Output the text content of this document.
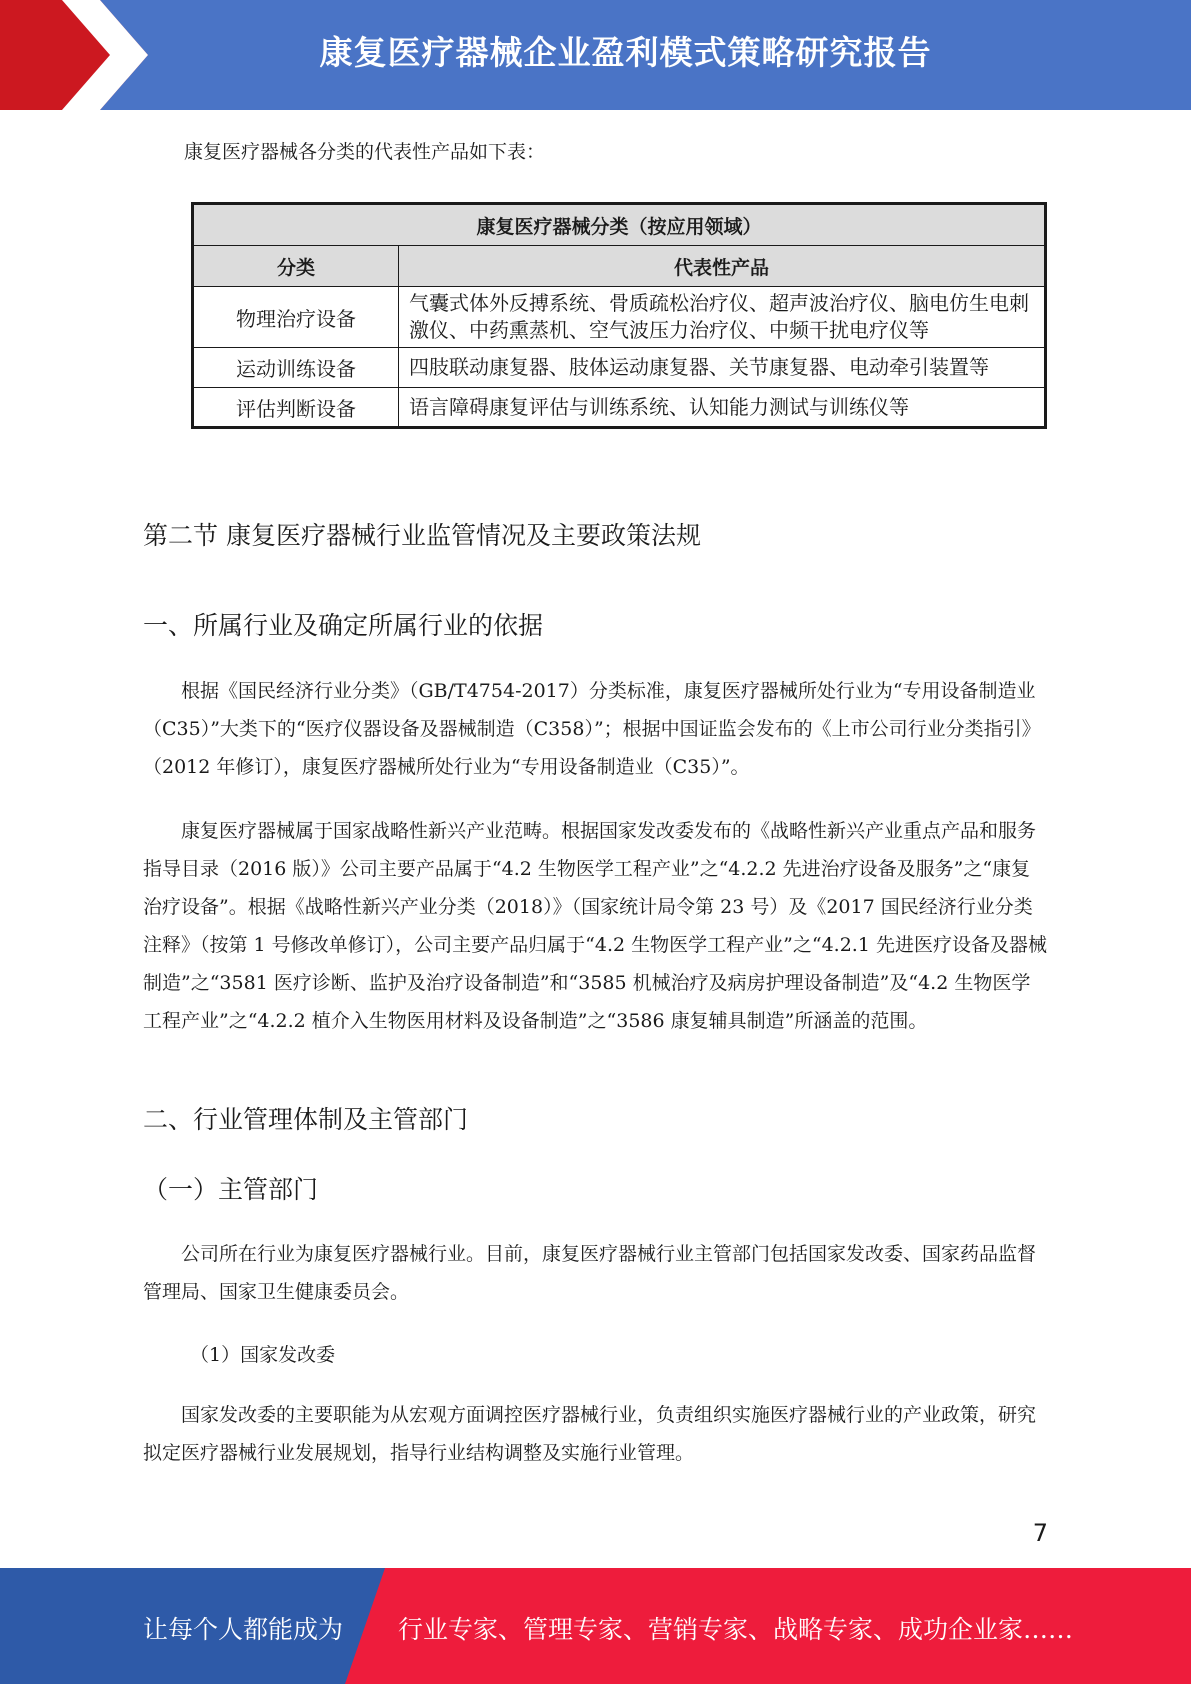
康复医疗器械企业盈利模式策略研究报告
康复医疗器械各分类的代表性产品如下表：
康复医疗器械分类（按应用领域）	
分类	代表性产品
物理治疗设备	气囊式体外反搏系统、骨质疏松治疗仪、超声波治疗仪、脑电仿生电刺激仪、中药熏蒸机、空气波压力治疗仪、中频干扰电疗仪等
运动训练设备	四肢联动康复器、肢体运动康复器、关节康复器、电动牵引装置等
评估判断设备	语言障碍康复评估与训练系统、认知能力测试与训练仪等
第二节 康复医疗器械行业监管情况及主要政策法规
一、所属行业及确定所属行业的依据

根据《国民经济行业分类》（GB/T4754-2017）分类标准，康复医疗器械所处行业为“专用设备制造业（C35）”大类下的“医疗仪器设备及器械制造（C358）”；根据中国证监会发布的《上市公司行业分类指引》（2012 年修订），康复医疗器械所处行业为“专用设备制造业（C35）”。

康复医疗器械属于国家战略性新兴产业范畴。根据国家发改委发布的《战略性新兴产业重点产品和服务指导目录（2016 版）》公司主要产品属于“4.2 生物医学工程产业”之“4.2.2 先进治疗设备及服务”之“康复治疗设备”。根据《战略性新兴产业分类（2018）》（国家统计局令第 23 号）及《2017 国民经济行业分类注释》（按第 1 号修改单修订），公司主要产品归属于“4.2 生物医学工程产业”之“4.2.1 先进医疗设备及器械制造”之“3581 医疗诊断、监护及治疗设备制造”和“3585 机械治疗及病房护理设备制造”及“4.2 生物医学工程产业”之“4.2.2 植介入生物医用材料及设备制造”之“3586 康复辅具制造”所涵盖的范围。

二、行业管理体制及主管部门
（一）主管部门

公司所在行业为康复医疗器械行业。目前，康复医疗器械行业主管部门包括国家发改委、国家药品监督管理局、国家卫生健康委员会。

（1）国家发改委

国家发改委的主要职能为从宏观方面调控医疗器械行业，负责组织实施医疗器械行业的产业政策，研究拟定医疗器械行业发展规划，指导行业结构调整及实施行业管理。

7
让每个人都能成为 行业专家、管理专家、营销专家、战略专家、成功企业家……
